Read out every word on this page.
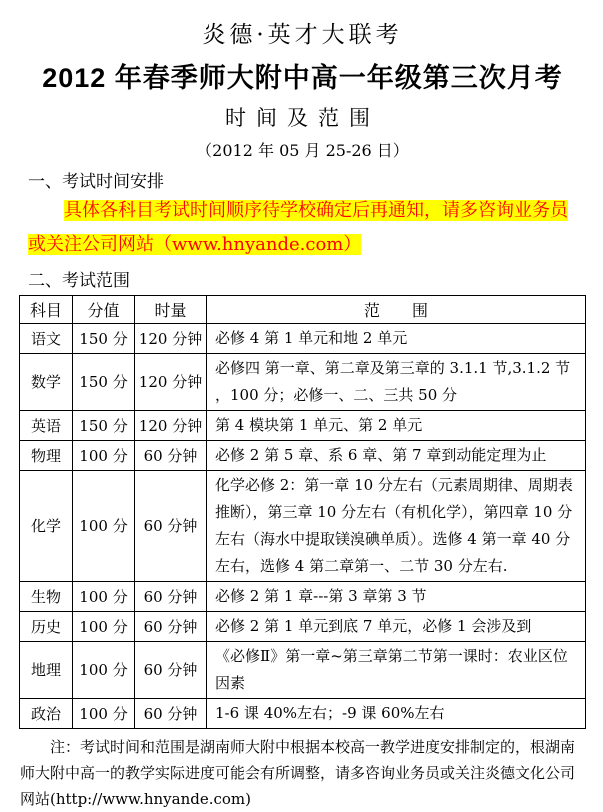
炎德·英才大联考
2012 年春季师大附中高一年级第三次月考
时间及范围
（2012 年 05 月 25-26 日）
一、考试时间安排

具体各科目考试时间顺序待学校确定后再通知，请多咨询业务员
或关注公司网站（www.hnyande.com）

二、考试范围
科目	分值	时量	范　　围
语文	150 分	120 分钟	必修 4 第 1 单元和地 2 单元
数学	150 分	120 分钟	必修四 第一章、第二章及第三章的 3.1.1 节,3.1.2 节 ，100 分；必修一、二、三共 50 分
英语	150 分	120 分钟	第 4 模块第 1 单元、第 2 单元
物理	100 分	60 分钟	必修 2 第 5 章、系 6 章、第 7 章到动能定理为止
化学	100 分	60 分钟	化学必修 2：第一章 10 分左右（元素周期律、周期表推断），第三章 10 分左右（有机化学），第四章 10 分左右（海水中提取镁溴碘单质）。选修 4 第一章 40 分左右，选修 4 第二章第一、二节 30 分左右.
生物	100 分	60 分钟	必修 2 第 1 章---第 3 章第 3 节
历史	100 分	60 分钟	必修 2 第 1 单元到底 7 单元，必修 1 会涉及到
地理	100 分	60 分钟	《必修Ⅱ》第一章~第三章第二节第一课时：农业区位因素
政治	100 分	60 分钟	1-6 课 40%左右；-9 课 60%左右

注：考试时间和范围是湖南师大附中根据本校高一教学进度安排制定的，根湖南师大附中高一的教学实际进度可能会有所调整，请多咨询业务员或关注炎德文化公司网站(http://www.hnyande.com)
